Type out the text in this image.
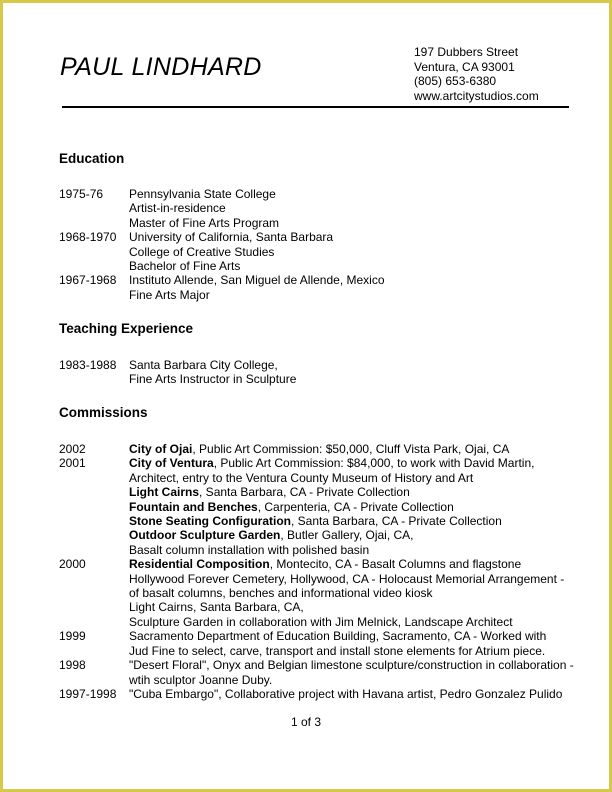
PAUL LINDHARD
197 Dubbers Street
Ventura, CA 93001
(805) 653-6380
www.artcitystudios.com
Education
1975-76	Pennsylvania State College
Artist-in-residence
Master of Fine Arts Program
1968-1970	University of California, Santa Barbara
College of Creative Studies
Bachelor of Fine Arts
1967-1968	Instituto Allende, San Miguel de Allende, Mexico
Fine Arts Major
Teaching Experience
1983-1988	Santa Barbara City College,
Fine Arts Instructor in Sculpture
Commissions
2002	City of Ojai, Public Art Commission: $50,000, Cluff Vista Park, Ojai, CA
2001	City of Ventura, Public Art Commission: $84,000, to work with David Martin,
Architect, entry to the Ventura County Museum of History and Art
Light Cairns, Santa Barbara, CA - Private Collection
Fountain and Benches, Carpenteria, CA - Private Collection
Stone Seating Configuration, Santa Barbara, CA - Private Collection
Outdoor Sculpture Garden, Butler Gallery, Ojai, CA,
Basalt column installation with polished basin
2000	Residential Composition, Montecito, CA - Basalt Columns and flagstone
Hollywood Forever Cemetery, Hollywood, CA - Holocaust Memorial Arrangement -
of basalt columns, benches and informational video kiosk
Light Cairns, Santa Barbara, CA,
Sculpture Garden in collaboration with Jim Melnick, Landscape Architect
1999	Sacramento Department of Education Building, Sacramento, CA - Worked with
Jud Fine to select, carve, transport and install stone elements for Atrium piece.
1998	"Desert Floral", Onyx and Belgian limestone sculpture/construction in collaboration -
wtih sculptor Joanne Duby.
1997-1998	"Cuba Embargo", Collaborative project with Havana artist, Pedro Gonzalez Pulido
1 of 3
